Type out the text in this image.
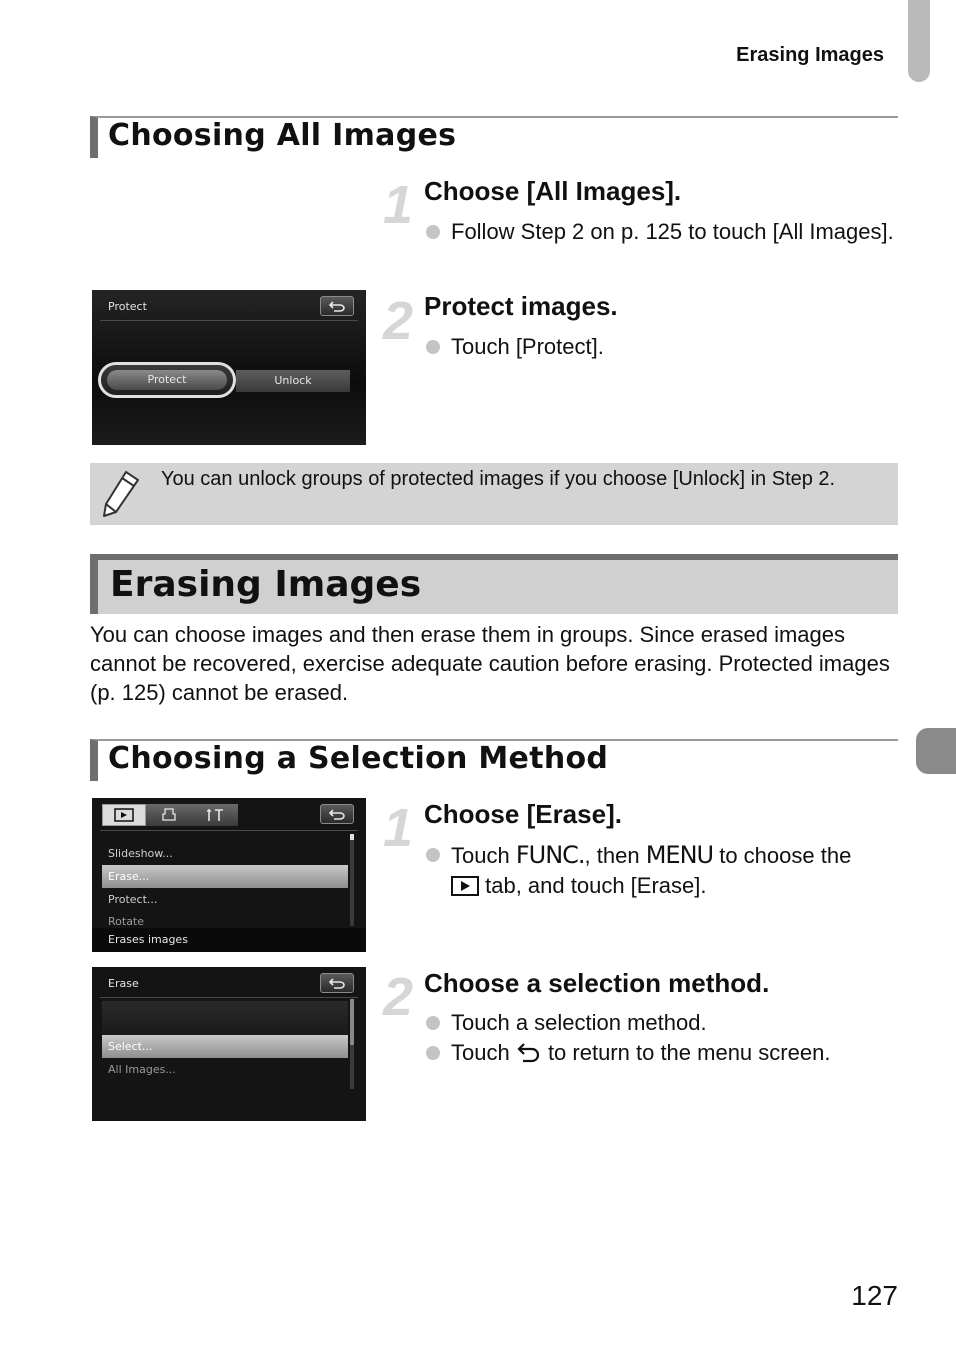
Erasing Images
Choosing All Images
1 Choose [All Images].
Follow Step 2 on p. 125 to touch [All Images].
Protect
Protect	Unlock
2 Protect images.
Touch [Protect].
You can unlock groups of protected images if you choose [Unlock] in Step 2.
Erasing Images
You can choose images and then erase them in groups. Since erased images cannot be recovered, exercise adequate caution before erasing. Protected images (p. 125) cannot be erased.
Choosing a Selection Method
Slideshow...
Erase...
Protect...
Rotate
Erases images
1 Choose [Erase].
Touch FUNC., then MENU to choose the
tab, and touch [Erase].
Erase
Select...
All Images...
2 Choose a selection method.
Touch a selection method.
Touch  to return to the menu screen.
127
